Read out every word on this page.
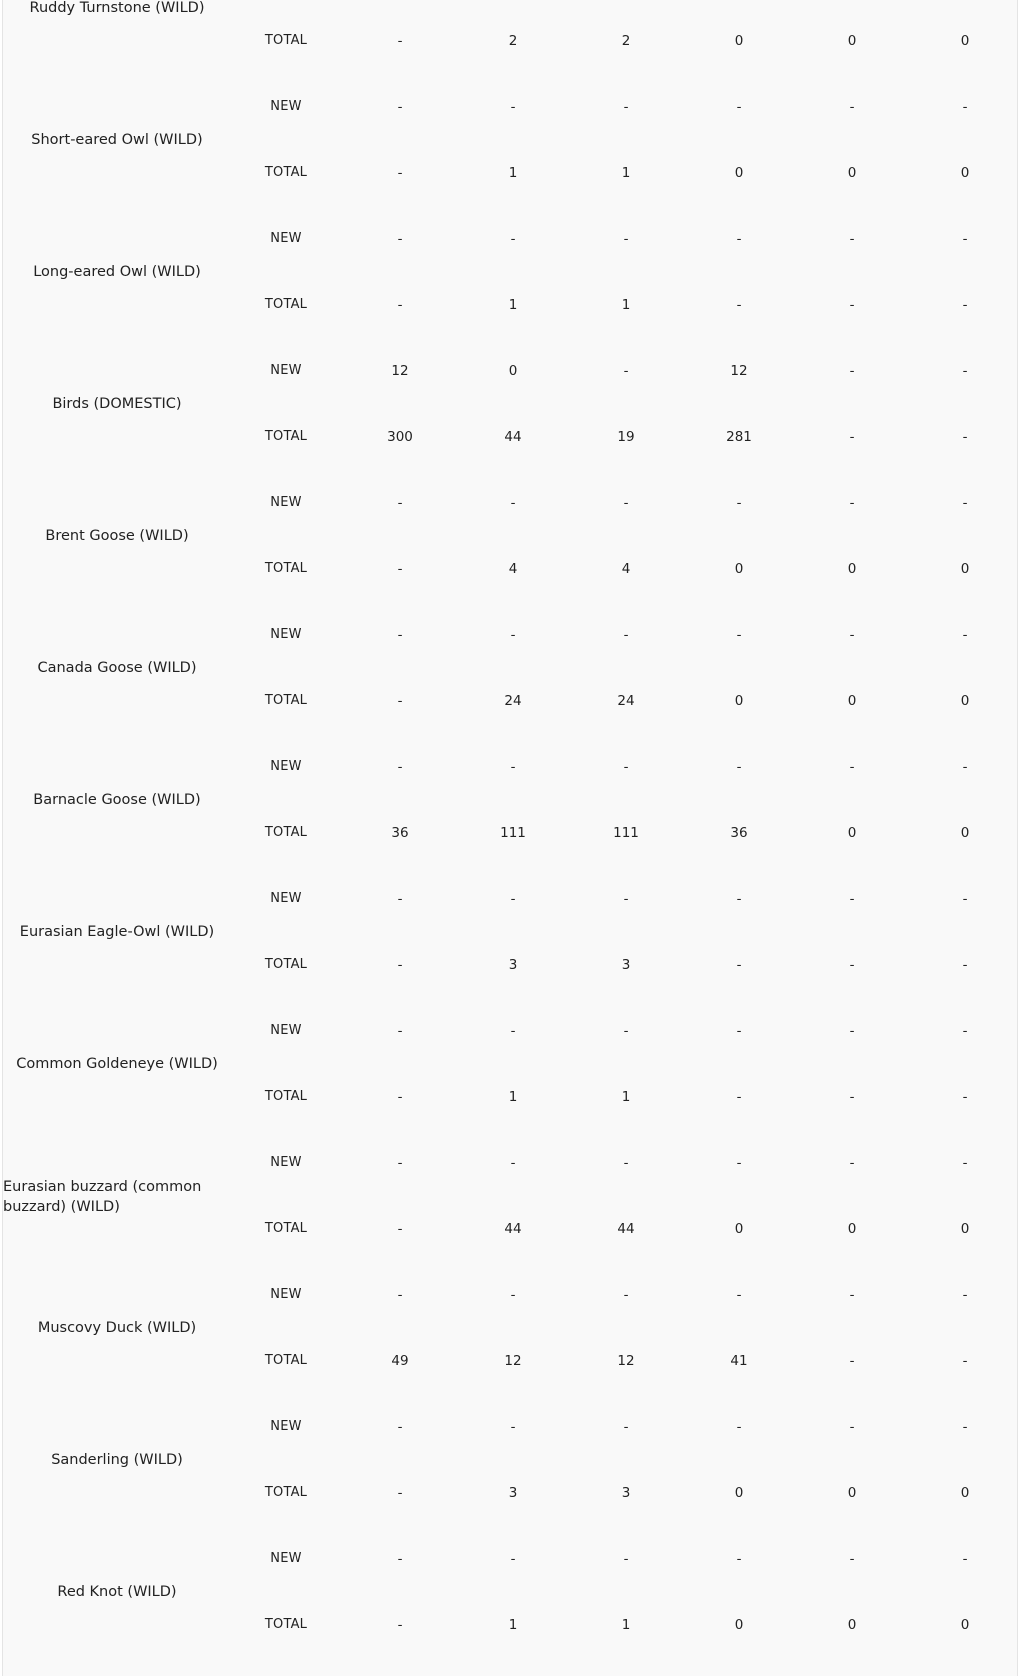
Ruddy Turnstone (WILD)
TOTAL	-	2	2	0	0	0
Short-eared Owl (WILD)
NEW	-	-	-	-	-	-
TOTAL	-	1	1	0	0	0
Long-eared Owl (WILD)
NEW	-	-	-	-	-	-
TOTAL	-	1	1	-	-	-
Birds (DOMESTIC)
NEW	12	0	-	12	-	-
TOTAL	300	44	19	281	-	-
Brent Goose (WILD)
NEW	-	-	-	-	-	-
TOTAL	-	4	4	0	0	0
Canada Goose (WILD)
NEW	-	-	-	-	-	-
TOTAL	-	24	24	0	0	0
Barnacle Goose (WILD)
NEW	-	-	-	-	-	-
TOTAL	36	111	111	36	0	0
Eurasian Eagle-Owl (WILD)
NEW	-	-	-	-	-	-
TOTAL	-	3	3	-	-	-
Common Goldeneye (WILD)
NEW	-	-	-	-	-	-
TOTAL	-	1	1	-	-	-
Eurasian buzzard (common buzzard) (WILD)
NEW	-	-	-	-	-	-
TOTAL	-	44	44	0	0	0
Muscovy Duck (WILD)
NEW	-	-	-	-	-	-
TOTAL	49	12	12	41	-	-
Sanderling (WILD)
NEW	-	-	-	-	-	-
TOTAL	-	3	3	0	0	0
Red Knot (WILD)
NEW	-	-	-	-	-	-
TOTAL	-	1	1	0	0	0
